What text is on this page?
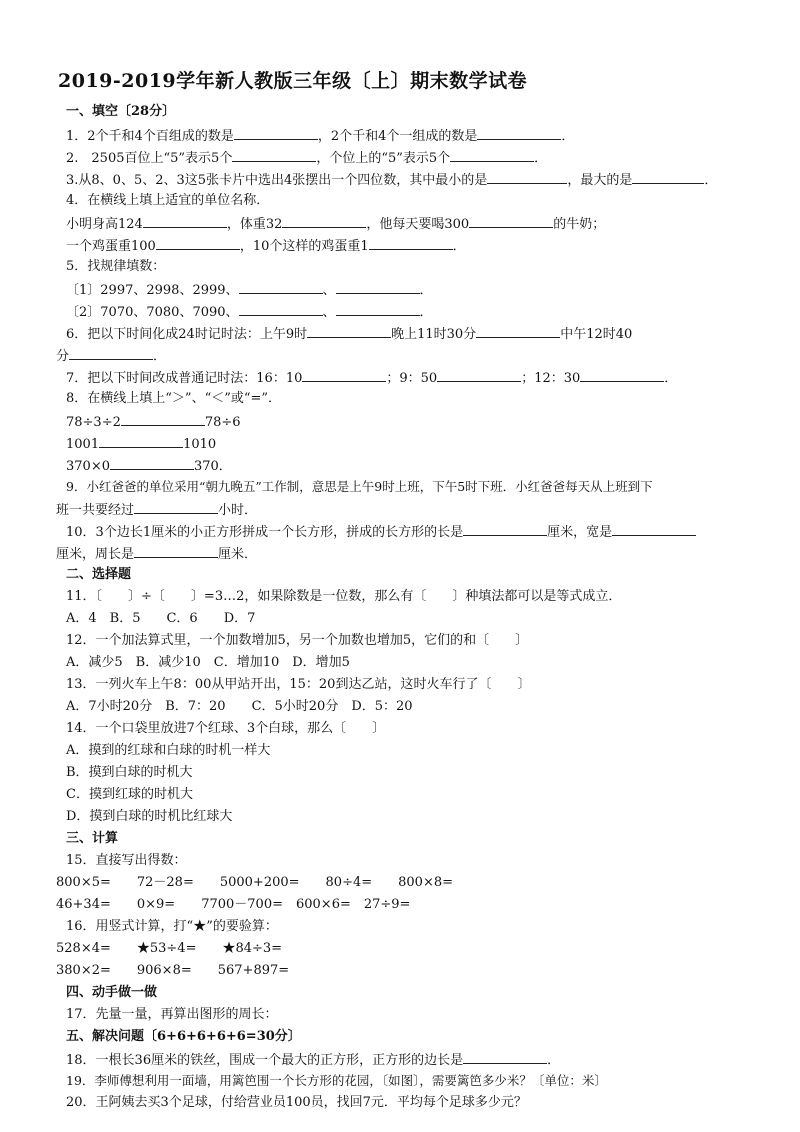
2019-2019学年新人教版三年级〔上〕期末数学试卷
一、填空〔28分〕
1．2个千和4个百组成的数是	，2个千和4个一组成的数是	．
2.　2505百位上“5”表示5个	，个位上的“5”表示5个	．
3.从8、0、5、2、3这5张卡片中选出4张摆出一个四位数，其中最小的是	，最大的是	．
4．在横线上填上适宜的单位名称．
小明身高124	，体重32	，他每天要喝300	的牛奶；
一个鸡蛋重100	，10个这样的鸡蛋重1	．
5．找规律填数：
〔1〕2997、2998、2999、	、	．
〔2〕7070、7080、7090、	、	．
6．把以下时间化成24时记时法：上午9时	晚上11时30分	中午12时40
分	．
7．把以下时间改成普通记时法：16：10	；9：50	；12：30	．
8．在横线上填上“＞”、“＜”或“=”．
78÷3÷2	78÷6
1001	1010
370×0	370．
9．小红爸爸的单位采用“朝九晚五”工作制，意思是上午9时上班，下午5时下班．小红爸爸每天从上班到下
班一共要经过	小时．
10．3个边长1厘米的小正方形拼成一个长方形，拼成的长方形的长是	厘米，宽是
厘米，周长是	厘米．
二、选择题
11．〔　　〕÷〔　　〕=3…2，如果除数是一位数，那么有〔　　〕种填法都可以是等式成立．
A．4　B．5　　C．6　　D．7
12．一个加法算式里，一个加数增加5，另一个加数也增加5，它们的和〔　　〕
A．减少5　B．减少10　C．增加10　D．增加5
13．一列火车上午8：00从甲站开出，15：20到达乙站，这时火车行了〔　　〕
A．7小时20分　B．7：20　　C．5小时20分　D．5：20
14．一个口袋里放进7个红球、3个白球，那么〔　　〕
A．摸到的红球和白球的时机一样大
B．摸到白球的时机大
C．摸到红球的时机大
D．摸到白球的时机比红球大
三、计算
15．直接写出得数：
800×5=　　72－28=　　5000+200=　　80÷4=　　800×8=
46+34=　　0×9=　　7700－700=　600×6=　27÷9=
16．用竖式计算，打“★”的要验算：
528×4=　　★53÷4=　　★84÷3=
380×2=　　906×8=　　567+897=
四、动手做一做
17．先量一量，再算出图形的周长：
五、解决问题〔6+6+6+6+6=30分〕
18．一根长36厘米的铁丝，围成一个最大的正方形，正方形的边长是	．
19．李师傅想利用一面墙，用篱笆围一个长方形的花园，〔如图〕，需要篱笆多少米？〔单位：米〕
20．王阿姨去买3个足球，付给营业员100员，找回7元．平均每个足球多少元？
